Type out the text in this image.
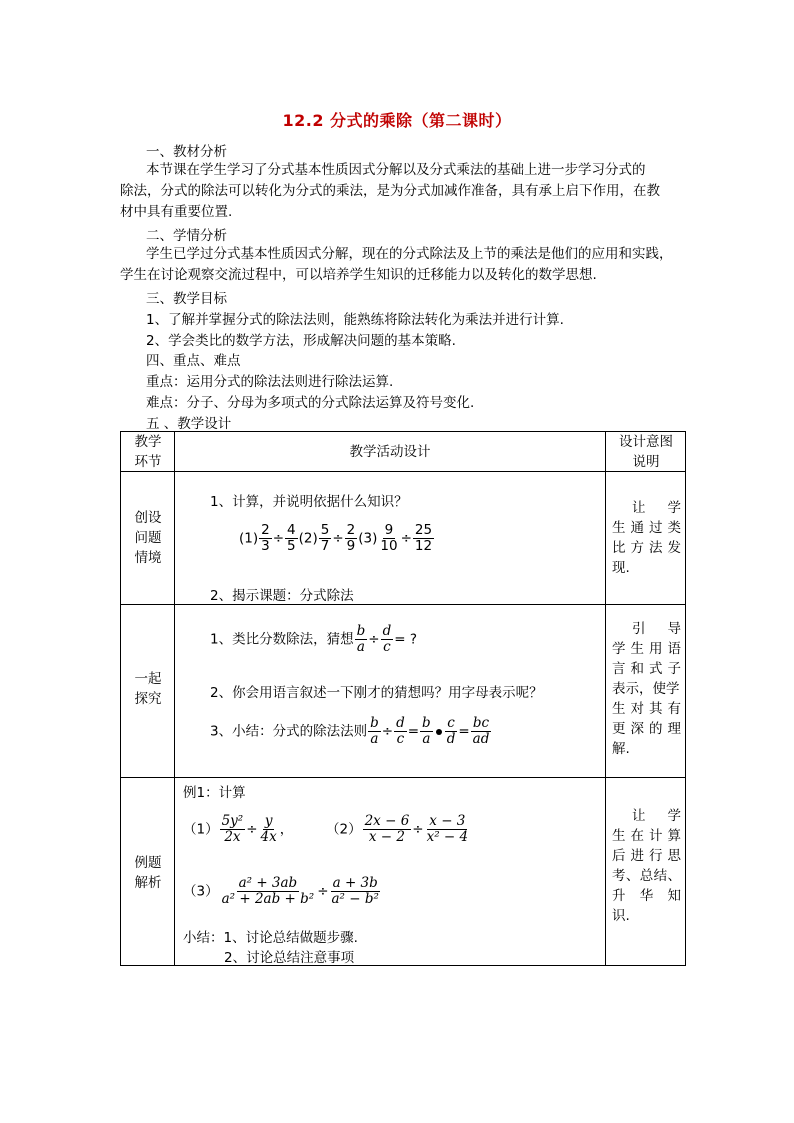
12.2 分式的乘除（第二课时）
一、教材分析
本节课在学生学习了分式基本性质因式分解以及分式乘法的基础上进一步学习分式的
除法，分式的除法可以转化为分式的乘法，是为分式加减作准备，具有承上启下作用，在教
材中具有重要位置.
二、学情分析
学生已学过分式基本性质因式分解，现在的分式除法及上节的乘法是他们的应用和实践，
学生在讨论观察交流过程中，可以培养学生知识的迁移能力以及转化的数学思想.
三、教学目标
1、了解并掌握分式的除法法则，能熟练将除法转化为乘法并进行计算.
2、学会类比的数学方法，形成解决问题的基本策略.
四、重点、难点
重点：运用分式的除法法则进行除法运算.
难点：分子、分母为多项式的分式除法运算及符号变化.
五 、教学设计
教学
环节
教学活动设计
设计意图
说明
创设
问题
情境
1、计算，并说明依据什么知识？
$(1) \frac{2}{3} \div \frac{4}{5} (2) \frac{5}{7} \div \frac{2}{9} (3) \frac{9}{10} \div \frac{25}{12}$
2、揭示课题：分式除法
让　学
生通过类
比方法发
现.
一起
探究
1、类比分数除法，猜想 $\frac{b}{a} \div \frac{d}{c}$ = ?
2、你会用语言叙述一下刚才的猜想吗？用字母表示呢？
3、小结：分式的除法法则 $\frac{b}{a} \div \frac{d}{c} = \frac{b}{a} \frac{c}{d} = \frac{bc}{ad}$
引　导
学生用语
言和式子
表示，使学
生对其有
更深的理
解.
例题
解析
例1：计算
$(1) \frac{\text{5y²}}{2x} \div \frac{y}{4x}$ ， $(2) \frac{2x - 6}{x - 2} \div \frac{x - 3}{\text{x² − 4}}$
$(3) \frac{\text{a² + 3ab}}{\text{a² + 2ab + b²}} \div \frac{a + 3b}{\text{a² − b²}}$
小结：1、讨论总结做题步骤.
2、讨论总结注意事项
让　学
生在计算
后进行思
考、总结、
升华知
识.
